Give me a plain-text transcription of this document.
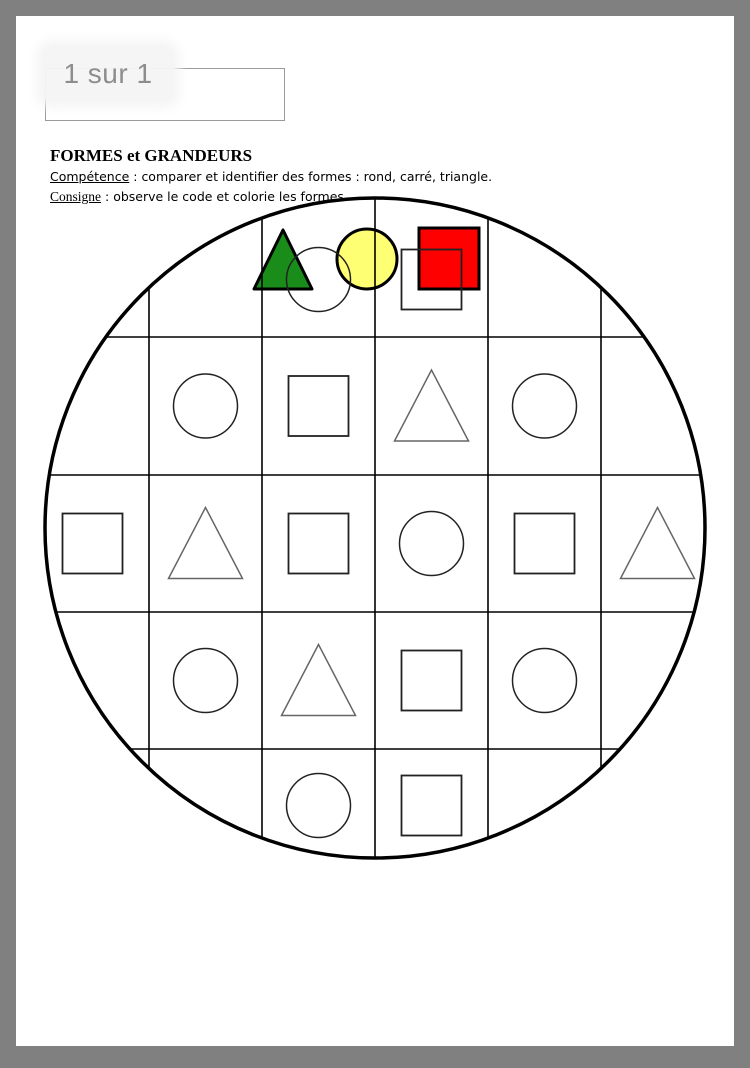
1 sur 1
FORMES et GRANDEURS
Compétence : comparer et identifier des formes : rond, carré, triangle.
Consigne : observe le code et colorie les formes.
